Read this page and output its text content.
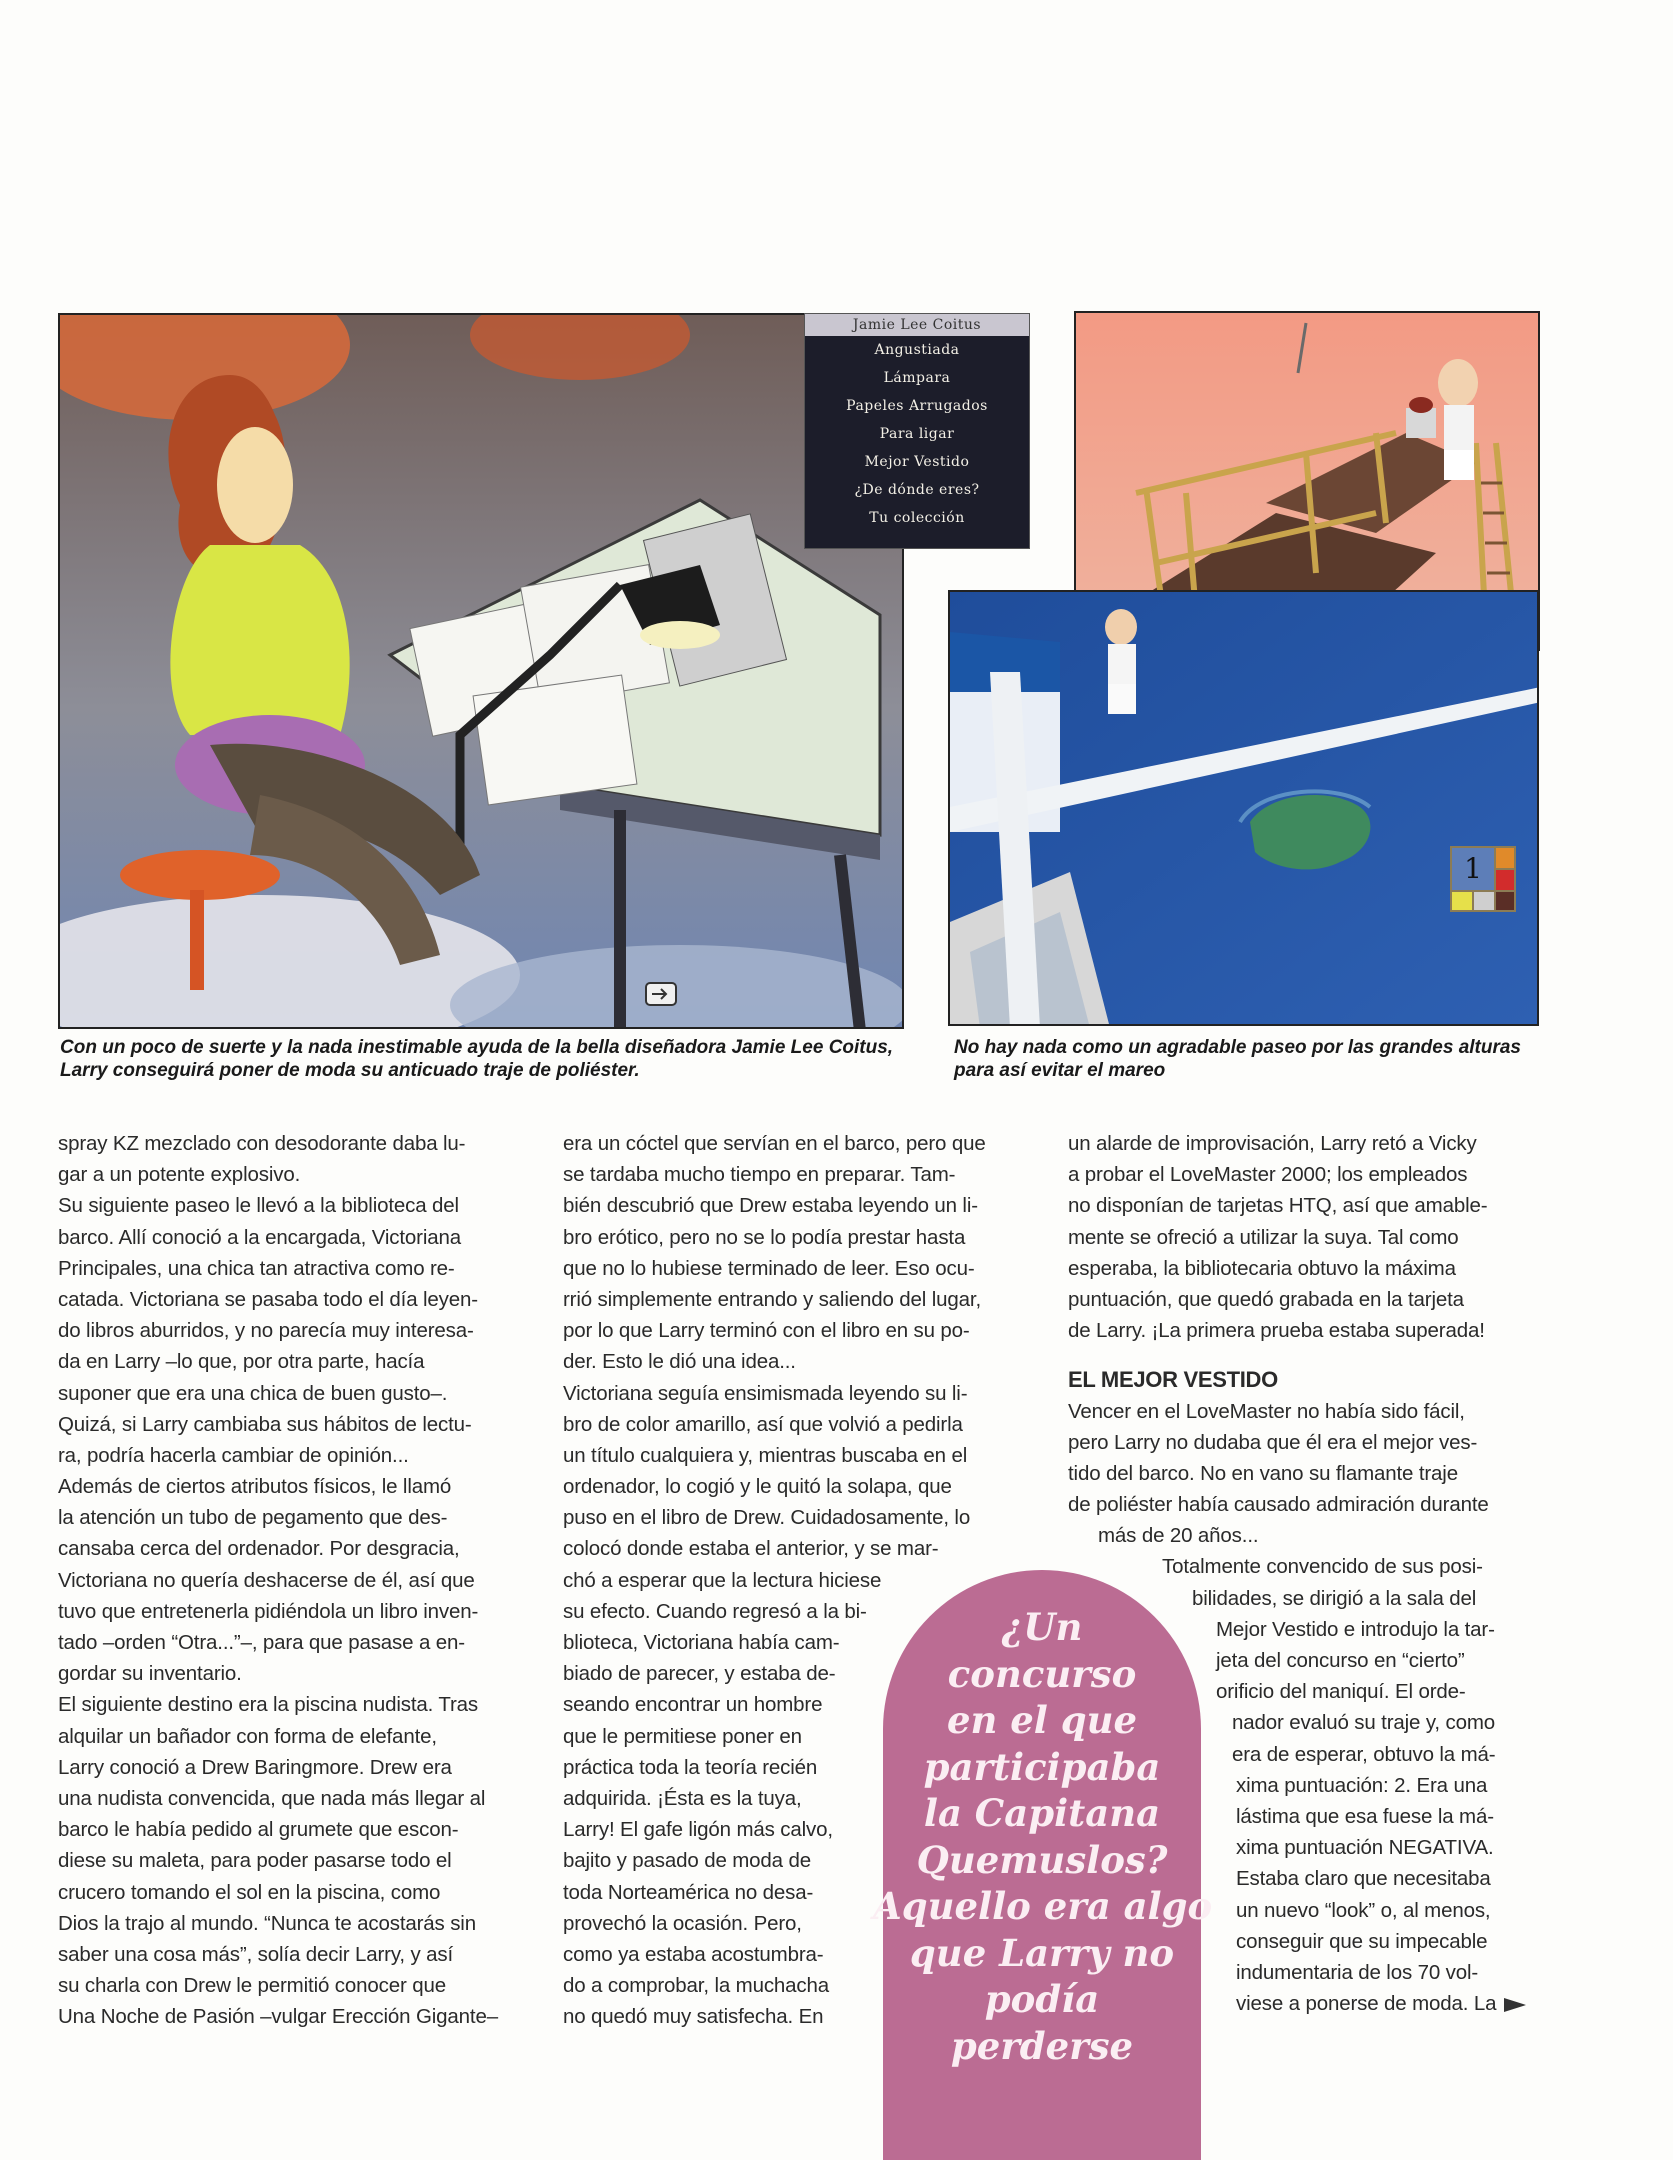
Jamie Lee Coitus
Angustiada
Lámpara
Papeles Arrugados
Para ligar
Mejor Vestido
¿De dónde eres?
Tu colección
1
Con un poco de suerte y la nada inestimable ayuda de la bella diseñadora Jamie Lee Coitus, Larry conseguirá poner de moda su anticuado traje de poliéster.
No hay nada como un agradable paseo por las grandes alturas para así evitar el mareo
spray KZ mezclado con desodorante daba lu-
gar a un potente explosivo.
Su siguiente paseo le llevó a la biblioteca del
barco. Allí conoció a la encargada, Victoriana
Principales, una chica tan atractiva como re-
catada. Victoriana se pasaba todo el día leyen-
do libros aburridos, y no parecía muy interesa-
da en Larry –lo que, por otra parte, hacía
suponer que era una chica de buen gusto–.
Quizá, si Larry cambiaba sus hábitos de lectu-
ra, podría hacerla cambiar de opinión...
Además de ciertos atributos físicos, le llamó
la atención un tubo de pegamento que des-
cansaba cerca del ordenador. Por desgracia,
Victoriana no quería deshacerse de él, así que
tuvo que entretenerla pidiéndola un libro inven-
tado –orden “Otra...”–, para que pasase a en-
gordar su inventario.
El siguiente destino era la piscina nudista. Tras
alquilar un bañador con forma de elefante,
Larry conoció a Drew Baringmore. Drew era
una nudista convencida, que nada más llegar al
barco le había pedido al grumete que escon-
diese su maleta, para poder pasarse todo el
crucero tomando el sol en la piscina, como
Dios la trajo al mundo. “Nunca te acostarás sin
saber una cosa más”, solía decir Larry, y así
su charla con Drew le permitió conocer que
Una Noche de Pasión –vulgar Erección Gigante–
era un cóctel que servían en el barco, pero que
se tardaba mucho tiempo en preparar. Tam-
bién descubrió que Drew estaba leyendo un li-
bro erótico, pero no se lo podía prestar hasta
que no lo hubiese terminado de leer. Eso ocu-
rrió simplemente entrando y saliendo del lugar,
por lo que Larry terminó con el libro en su po-
der. Esto le dió una idea...
Victoriana seguía ensimismada leyendo su li-
bro de color amarillo, así que volvió a pedirla
un título cualquiera y, mientras buscaba en el
ordenador, lo cogió y le quitó la solapa, que
puso en el libro de Drew. Cuidadosamente, lo
colocó donde estaba el anterior, y se mar-
chó a esperar que la lectura hiciese
su efecto. Cuando regresó a la bi-
blioteca, Victoriana había cam-
biado de parecer, y estaba de-
seando encontrar un hombre
que le permitiese poner en
práctica toda la teoría recién
adquirida. ¡Ésta es la tuya,
Larry! El gafe ligón más calvo,
bajito y pasado de moda de
toda Norteamérica no desa-
provechó la ocasión. Pero,
como ya estaba acostumbra-
do a comprobar, la muchacha
no quedó muy satisfecha. En
un alarde de improvisación, Larry retó a Vicky
a probar el LoveMaster 2000; los empleados
no disponían de tarjetas HTQ, así que amable-
mente se ofreció a utilizar la suya. Tal como
esperaba, la bibliotecaria obtuvo la máxima
puntuación, que quedó grabada en la tarjeta
de Larry. ¡La primera prueba estaba superada!
EL MEJOR VESTIDO
Vencer en el LoveMaster no había sido fácil,
pero Larry no dudaba que él era el mejor ves-
tido del barco. No en vano su flamante traje
de poliéster había causado admiración durante
más de 20 años...
Totalmente convencido de sus posi-
bilidades, se dirigió a la sala del
Mejor Vestido e introdujo la tar-
jeta del concurso en “cierto”
orificio del maniquí. El orde-
nador evaluó su traje y, como
era de esperar, obtuvo la má-
xima puntuación: 2. Era una
lástima que esa fuese la má-
xima puntuación NEGATIVA.
Estaba claro que necesitaba
un nuevo “look” o, al menos,
conseguir que su impecable
indumentaria de los 70 vol-
viese a ponerse de moda. La
¿Un
concurso
en el que
participaba
la Capitana
Quemuslos?
Aquello era algo
que Larry no
podía
perderse
